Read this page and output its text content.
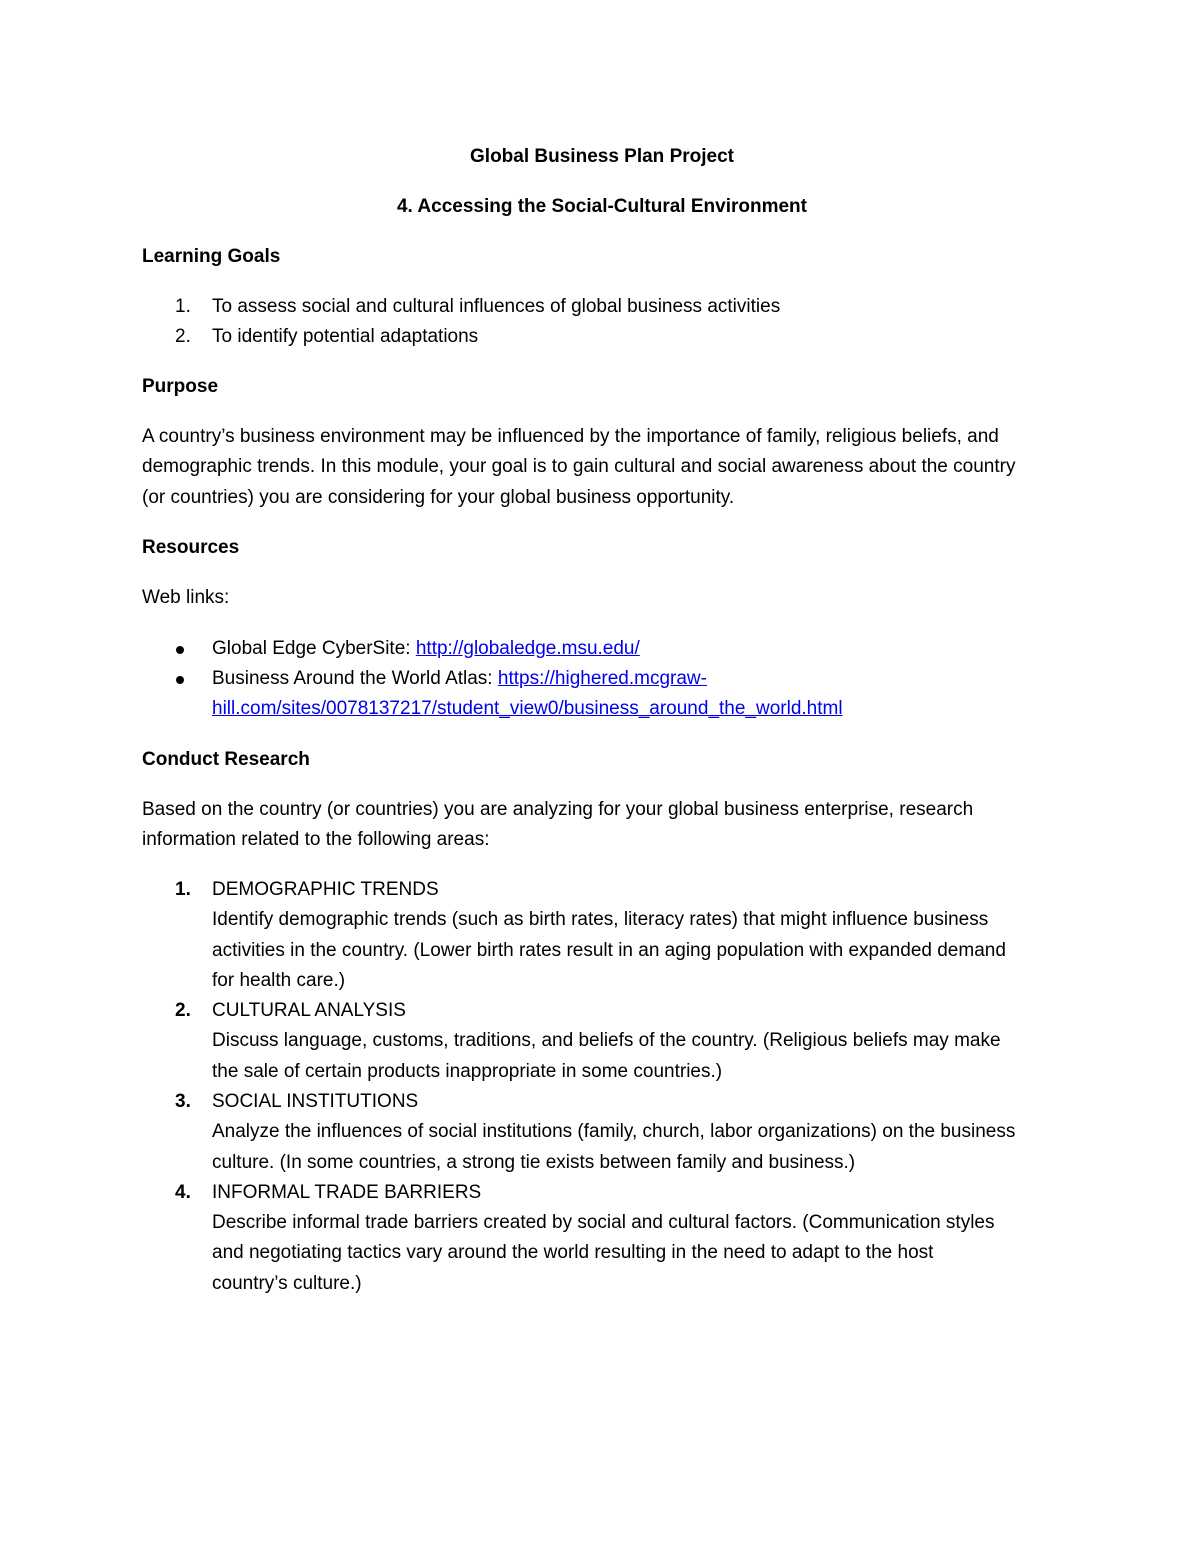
Global Business Plan Project
4. Accessing the Social-Cultural Environment
Learning Goals
1.	To assess social and cultural influences of global business activities
2.	To identify potential adaptations
Purpose
A country’s business environment may be influenced by the importance of family, religious beliefs, and
demographic trends. In this module, your goal is to gain cultural and social awareness about the country
(or countries) you are considering for your global business opportunity.
Resources
Web links:
Global Edge CyberSite: http://globaledge.msu.edu/
Business Around the World Atlas: https://highered.mcgraw-
hill.com/sites/0078137217/student_view0/business_around_the_world.html
Conduct Research
Based on the country (or countries) you are analyzing for your global business enterprise, research
information related to the following areas:
1.	DEMOGRAPHIC TRENDS
Identify demographic trends (such as birth rates, literacy rates) that might influence business
activities in the country. (Lower birth rates result in an aging population with expanded demand
for health care.)
2.	CULTURAL ANALYSIS
Discuss language, customs, traditions, and beliefs of the country. (Religious beliefs may make
the sale of certain products inappropriate in some countries.)
3.	SOCIAL INSTITUTIONS
Analyze the influences of social institutions (family, church, labor organizations) on the business
culture. (In some countries, a strong tie exists between family and business.)
4.	INFORMAL TRADE BARRIERS
Describe informal trade barriers created by social and cultural factors. (Communication styles
and negotiating tactics vary around the world resulting in the need to adapt to the host
country’s culture.)
